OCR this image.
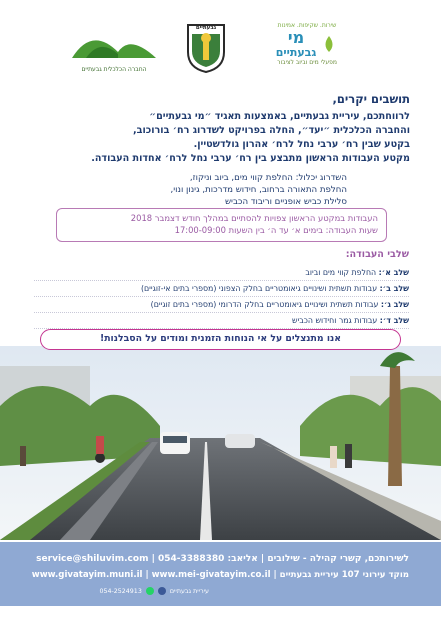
החברה הכלכלית גבעתיים
גבעתיים	שירות. שקיפות. אמינות
מי
גבעתיים
מפעלי מים וביוב לציבור
תושבים יקרים,
לרווחתכם, עיריית גבעתיים, באמצעות תאגיד ״מי גבעתיים״
והחברה הכלכלית ״יעד״, החלה בפרויקט לשדרוג רח׳ בורוכוב,
בקטע שבין רח׳ ערבי נחל לרח׳ אהרון גולדשטיין.
מקטע העבודות הראשון מתבצע בין רח׳ ערבי נחל לרח׳ אחדות העבודה.
השדרוג יכלול: החלפת קווי מים, ביוב וניקוז,
החלפת התאורה ברחוב, חידוש מדרכות, גינון ונוי,
סלילת כביש אופניים וריבוד הכביש
העבודות במקטע הראשון צפויות להסתיים במהלך חודש דצמבר 2018
שעות העבודה: בימים א׳ עד ה׳ בין השעות 17:00-09:00
שלבי העבודה:
שלב א׳: החלפת קווי מים וביוב
שלב ב׳: עבודות תשתית ושינויים גיאומטריים בחלק הצפוני (מספרי בתים אי-זוגיים)
שלב ג׳: עבודות תשתית ושינויים גיאומטריים בחלק הדרומי (מספרי בתים זוגיים)
שלב ד׳: עבודות גמר וחידוש הכביש
אנו מתנצלים על אי הנוחות הזמנית ומודים על הסבלנות!
לשירותכם, קשרי קהילה - שילובים | אליאב: 054-3388380 | service@shiluvim.com
מוקד עירוני 107 עיריית גבעתיים | www.givatayim.muni.il | www.mei-givatayim.co.il
עיריית גבעתיים
054-2524913
